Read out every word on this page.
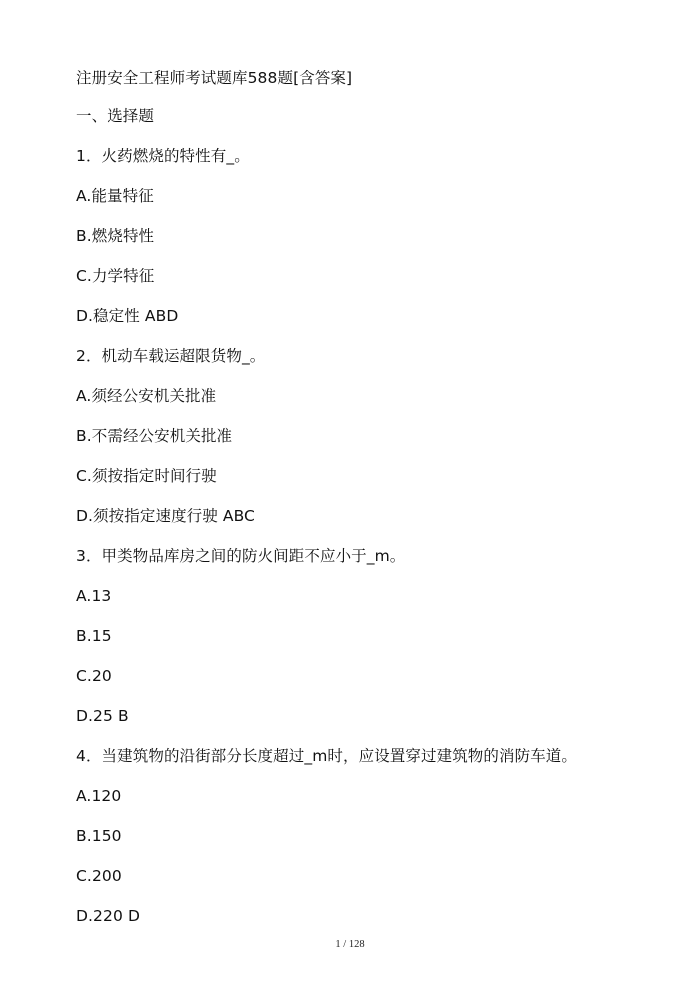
注册安全工程师考试题库588题[含答案]

一、选择题

1．火药燃烧的特性有_。

A.能量特征

B.燃烧特性

C.力学特征

D.稳定性 ABD

2．机动车载运超限货物_。

A.须经公安机关批准

B.不需经公安机关批准

C.须按指定时间行驶

D.须按指定速度行驶 ABC

3．甲类物品库房之间的防火间距不应小于_m。

A.13

B.15

C.20

D.25 B

4．当建筑物的沿街部分长度超过_m时，应设置穿过建筑物的消防车道。

A.120

B.150

C.200

D.220 D

1 / 128
